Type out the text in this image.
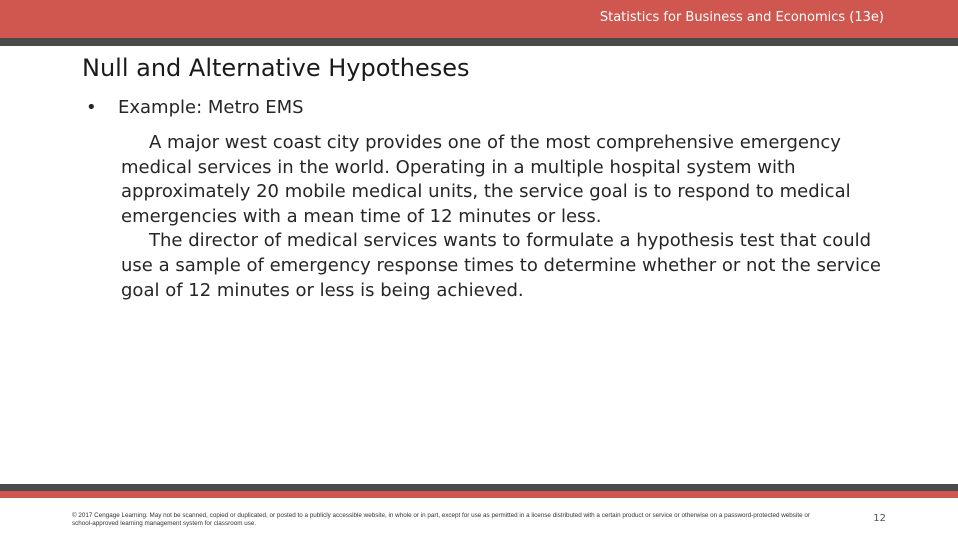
Statistics for Business and Economics (13e)
Null and Alternative Hypotheses
• Example: Metro EMS

A major west coast city provides one of the most comprehensive emergency medical services in the world. Operating in a multiple hospital system with approximately 20 mobile medical units, the service goal is to respond to medical emergencies with a mean time of 12 minutes or less.

The director of medical services wants to formulate a hypothesis test that could use a sample of emergency response times to determine whether or not the service goal of 12 minutes or less is being achieved.

© 2017 Cengage Learning. May not be scanned, copied or duplicated, or posted to a publicly accessible website, in whole or in part, except for use as permitted in a license distributed with a certain product or service or otherwise on a password-protected website or school-approved learning management system for classroom use.	12
